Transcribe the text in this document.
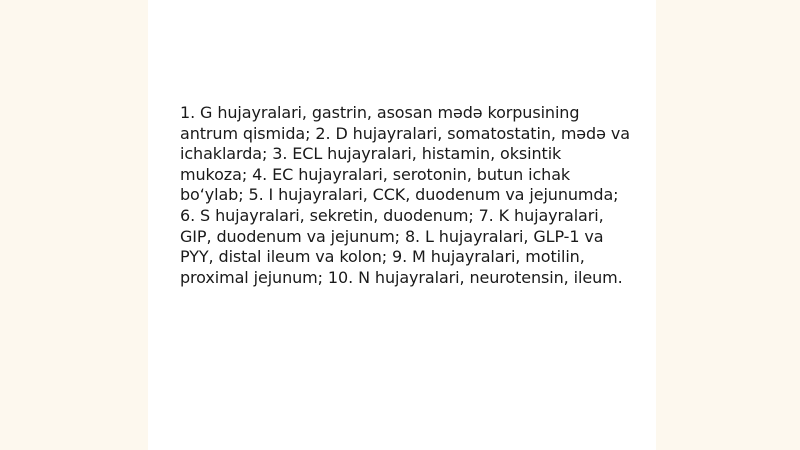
1. G hujayralari, gastrin, asosan mədə korpusining antrum qismida; 2. D hujayralari, somatostatin, mədə va ichaklarda; 3. ECL hujayralari, histamin, oksintik mukoza; 4. EC hujayralari, serotonin, butun ichak bo‘ylab; 5. I hujayralari, CCK, duodenum va jejunumda; 6. S hujayralari, sekretin, duodenum; 7. K hujayralari, GIP, duodenum va jejunum; 8. L hujayralari, GLP-1 va PYY, distal ileum va kolon; 9. M hujayralari, motilin, proximal jejunum; 10. N hujayralari, neurotensin, ileum.
